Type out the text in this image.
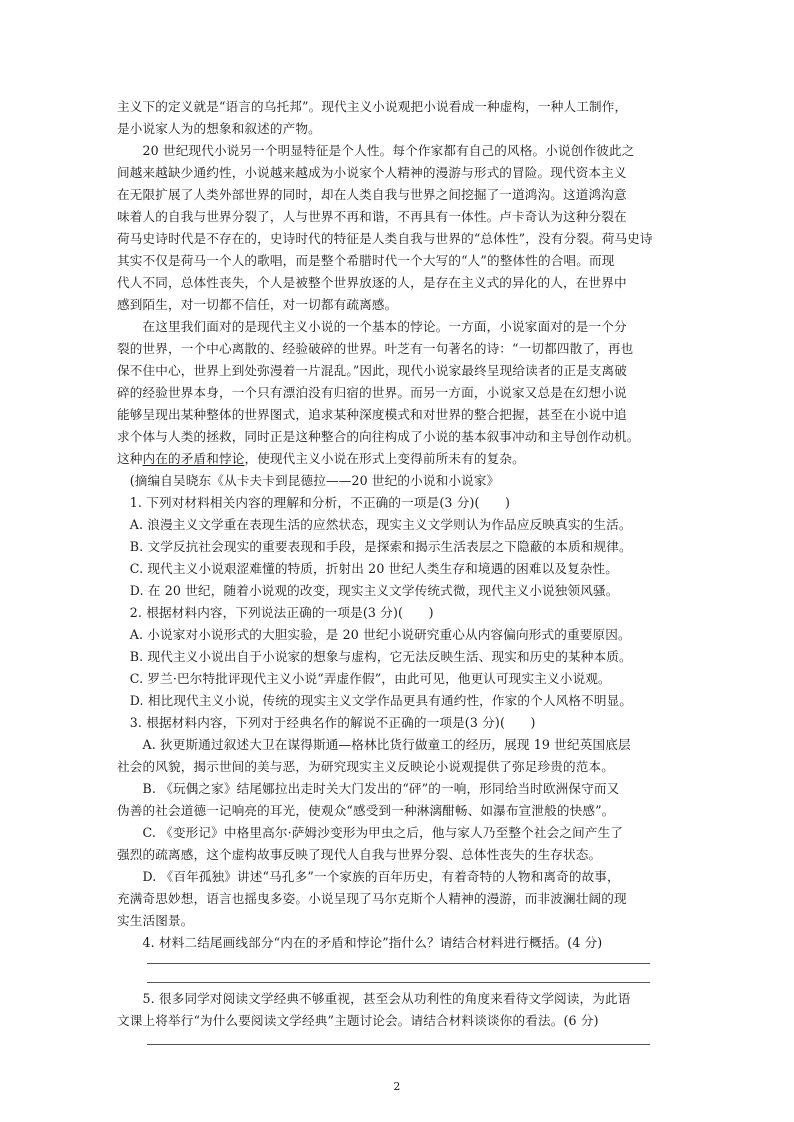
主义下的定义就是“语言的乌托邦”。现代主义小说观把小说看成一种虚构，一种人工制作，
是小说家人为的想象和叙述的产物。
　　20 世纪现代小说另一个明显特征是个人性。每个作家都有自己的风格。小说创作彼此之
间越来越缺少通约性，小说越来越成为小说家个人精神的漫游与形式的冒险。现代资本主义
在无限扩展了人类外部世界的同时，却在人类自我与世界之间挖掘了一道鸿沟。这道鸿沟意
味着人的自我与世界分裂了，人与世界不再和谐，不再具有一体性。卢卡奇认为这种分裂在
荷马史诗时代是不存在的，史诗时代的特征是人类自我与世界的“总体性”，没有分裂。荷马史诗
其实不仅是荷马一个人的歌唱，而是整个希腊时代一个大写的“人”的整体性的合唱。而现
代人不同，总体性丧失，个人是被整个世界放逐的人，是存在主义式的异化的人，在世界中
感到陌生，对一切都不信任，对一切都有疏离感。
　　在这里我们面对的是现代主义小说的一个基本的悖论。一方面，小说家面对的是一个分
裂的世界，一个中心离散的、经验破碎的世界。叶芝有一句著名的诗：“一切都四散了，再也
保不住中心，世界上到处弥漫着一片混乱。”因此，现代小说家最终呈现给读者的正是支离破
碎的经验世界本身，一个只有漂泊没有归宿的世界。而另一方面，小说家又总是在幻想小说
能够呈现出某种整体的世界图式，追求某种深度模式和对世界的整合把握，甚至在小说中追
求个体与人类的拯救，同时正是这种整合的向往构成了小说的基本叙事冲动和主导创作动机。
这种内在的矛盾和悖论，使现代主义小说在形式上变得前所未有的复杂。
　(摘编自吴晓东《从卡夫卡到昆德拉——20 世纪的小说和小说家》
　1. 下列对材料相关内容的理解和分析，不正确的一项是(3 分)(　　)
　A. 浪漫主义文学重在表现生活的应然状态，现实主义文学则认为作品应反映真实的生活。
　B. 文学反抗社会现实的重要表现和手段，是探索和揭示生活表层之下隐蔽的本质和规律。
　C. 现代主义小说艰涩难懂的特质，折射出 20 世纪人类生存和境遇的困难以及复杂性。
　D. 在 20 世纪，随着小说观的改变，现实主义文学传统式微，现代主义小说独领风骚。
　2. 根据材料内容，下列说法正确的一项是(3 分)(　　)
　A. 小说家对小说形式的大胆实验，是 20 世纪小说研究重心从内容偏向形式的重要原因。
　B. 现代主义小说出自于小说家的想象与虚构，它无法反映生活、现实和历史的某种本质。
　C. 罗兰·巴尔特批评现代主义小说“弄虚作假”，由此可见，他更认可现实主义小说观。
　D. 相比现代主义小说，传统的现实主义文学作品更具有通约性，作家的个人风格不明显。
　3. 根据材料内容，下列对于经典名作的解说不正确的一项是(3 分)(　　)
　　A. 狄更斯通过叙述大卫在谋得斯通—格林比货行做童工的经历，展现 19 世纪英国底层
社会的风貌，揭示世间的美与恶，为研究现实主义反映论小说观提供了弥足珍贵的范本。
　　B. 《玩偶之家》结尾娜拉出走时关大门发出的“砰”的一响，形同给当时欧洲保守而又
伪善的社会道德一记响亮的耳光，使观众“感受到一种淋漓酣畅、如瀑布宣泄般的快感”。
　　C. 《变形记》中格里高尔·萨姆沙变形为甲虫之后，他与家人乃至整个社会之间产生了
强烈的疏离感，这个虚构故事反映了现代人自我与世界分裂、总体性丧失的生存状态。
　　D. 《百年孤独》讲述“马孔多”一个家族的百年历史，有着奇特的人物和离奇的故事，
充满奇思妙想，语言也摇曳多姿。小说呈现了马尔克斯个人精神的漫游，而非波澜壮阔的现
实生活图景。
　　4. 材料二结尾画线部分“内在的矛盾和悖论”指什么？请结合材料进行概括。(4 分)
　　5. 很多同学对阅读文学经典不够重视，甚至会从功利性的角度来看待文学阅读，为此语
文课上将举行“为什么要阅读文学经典”主题讨论会。请结合材料谈谈你的看法。(6 分)
2
